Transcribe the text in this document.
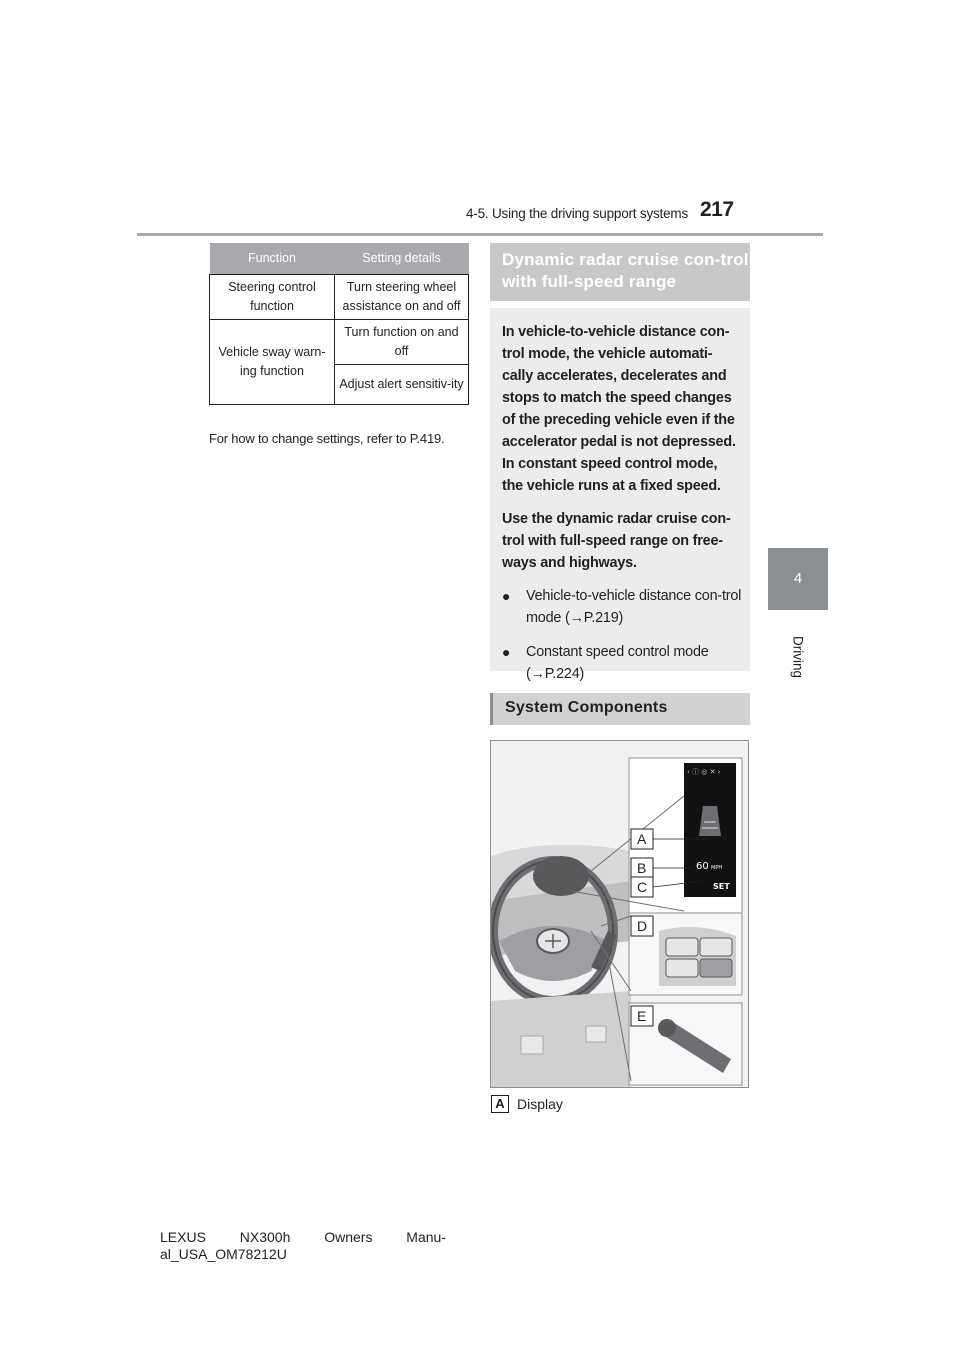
4-5. Using the driving support systems 217
4
Driving
Function	Setting details
Steering control function	Turn steering wheel assistance on and off
Vehicle sway warn-ing function	Turn function on and off
	Adjust alert sensitiv-ity
For how to change settings, refer to P.419.
Dynamic radar cruise con-trol with full-speed range

In vehicle-to-vehicle distance con-trol mode, the vehicle automati-cally accelerates, decelerates and stops to match the speed changes of the preceding vehicle even if the accelerator pedal is not depressed. In constant speed control mode, the vehicle runs at a fixed speed.

Use the dynamic radar cruise con-trol with full-speed range on free-ways and highways.

●	Vehicle-to-vehicle distance con-trol mode (→P.219)
●	Constant speed control mode (→P.224)
System Components
‹ ⓘ ◎ ✕ ›
60 MPH
SET
A
B
C
D
E
A Display
LEXUS NX300h Owners Manu-
al_USA_OM78212U
